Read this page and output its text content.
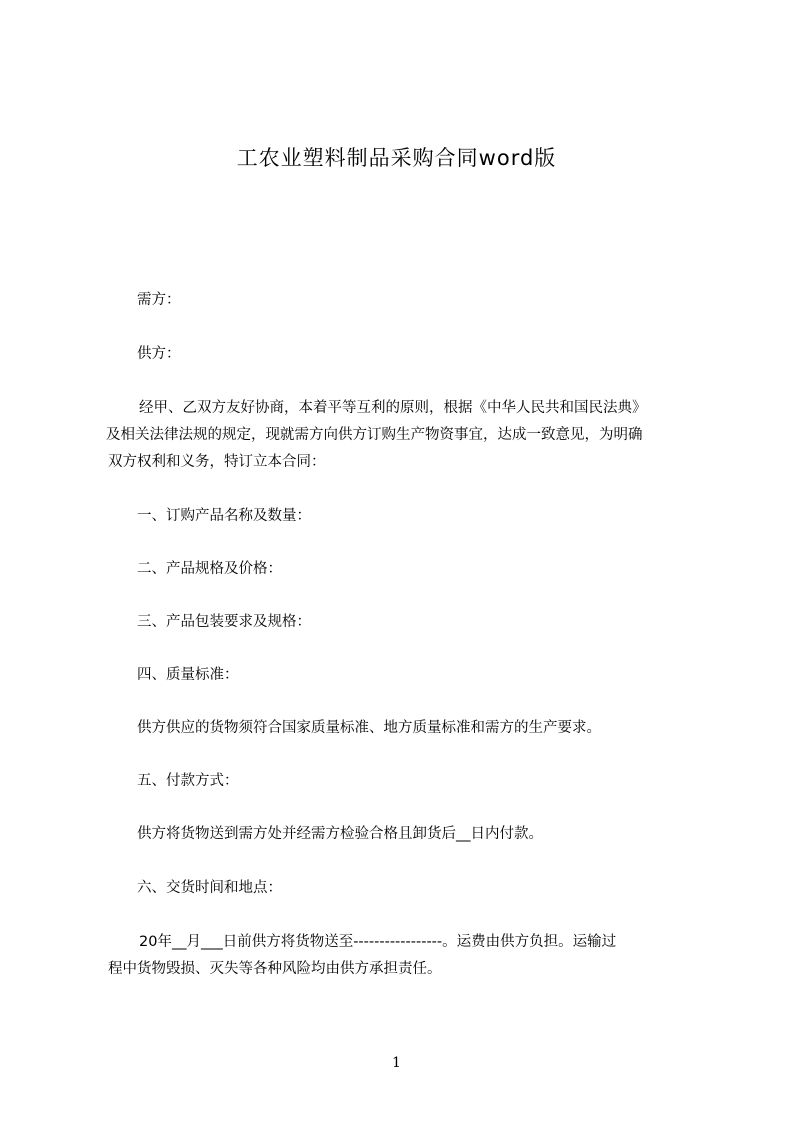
工农业塑料制品采购合同word版
需方：
供方：
经甲、乙双方友好协商，本着平等互利的原则，根据《中华人民共和国民法典》
及相关法律法规的规定，现就需方向供方订购生产物资事宜，达成一致意见，为明确
双方权利和义务，特订立本合同：
一、订购产品名称及数量：
二、产品规格及价格：
三、产品包装要求及规格：
四、质量标准：
供方供应的货物须符合国家质量标准、地方质量标准和需方的生产要求。
五、付款方式：
供方将货物送到需方处并经需方检验合格且卸货后__日内付款。
六、交货时间和地点：
20年__月___日前供方将货物送至-----------------。运费由供方负担。运输过
程中货物毁损、灭失等各种风险均由供方承担责任。
1
